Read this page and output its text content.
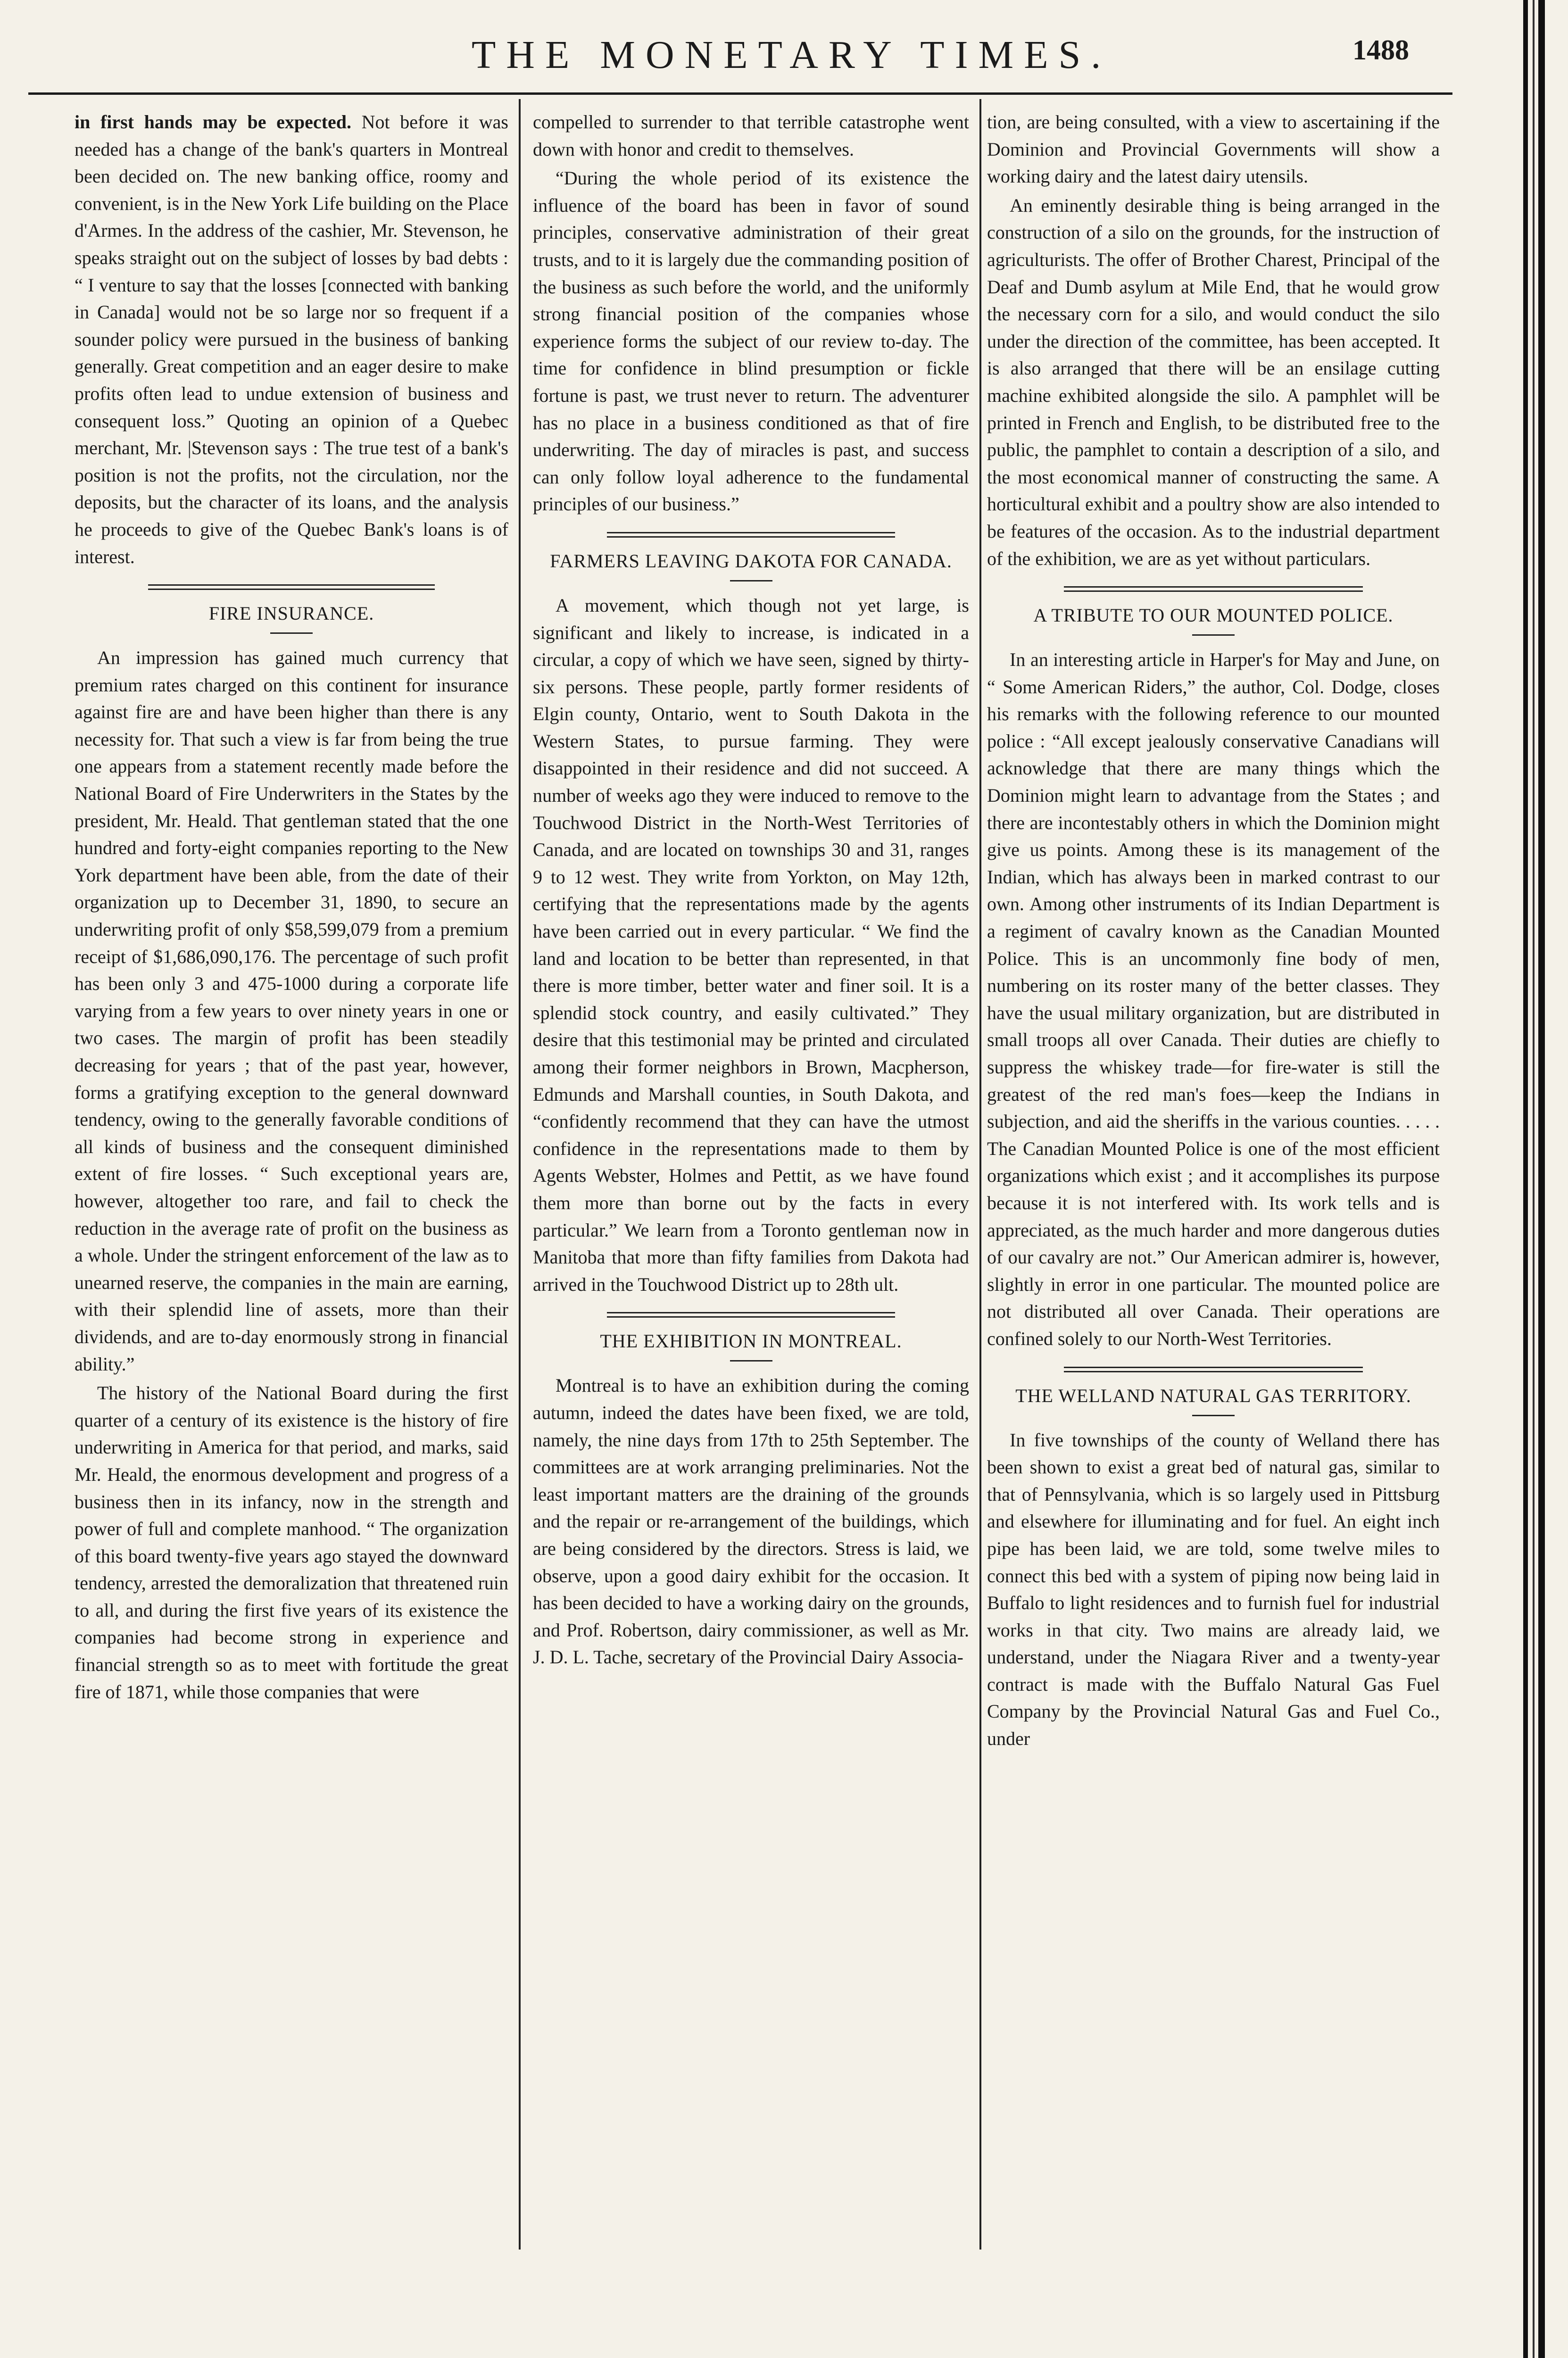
THE MONETARY TIMES.	1488

in first hands may be expected. Not before it was needed has a change of the bank's quarters in Montreal been decided on. The new banking office, roomy and convenient, is in the New York Life building on the Place d'Armes. In the address of the cashier, Mr. Stevenson, he speaks straight out on the subject of losses by bad debts : “ I venture to say that the losses [connected with banking in Canada] would not be so large nor so frequent if a sounder policy were pursued in the business of banking generally. Great competition and an eager desire to make profits often lead to undue extension of business and consequent loss.” Quoting an opinion of a Quebec merchant, Mr. |Stevenson says : The true test of a bank's position is not the profits, not the circulation, nor the deposits, but the character of its loans, and the analysis he proceeds to give of the Quebec Bank's loans is of interest.

FIRE INSURANCE.

An impression has gained much currency that premium rates charged on this continent for insurance against fire are and have been higher than there is any necessity for. That such a view is far from being the true one appears from a statement recently made before the National Board of Fire Underwriters in the States by the president, Mr. Heald. That gentleman stated that the one hundred and forty-eight companies reporting to the New York department have been able, from the date of their organization up to December 31, 1890, to secure an underwriting profit of only $58,599,079 from a premium receipt of $1,686,090,176. The percentage of such profit has been only 3 and 475-1000 during a corporate life varying from a few years to over ninety years in one or two cases. The margin of profit has been steadily decreasing for years ; that of the past year, however, forms a gratifying exception to the general downward tendency, owing to the generally favorable conditions of all kinds of business and the consequent diminished extent of fire losses. “ Such exceptional years are, however, altogether too rare, and fail to check the reduction in the average rate of profit on the business as a whole. Under the stringent enforcement of the law as to unearned reserve, the companies in the main are earning, with their splendid line of assets, more than their dividends, and are to-day enormously strong in financial ability.”

The history of the National Board during the first quarter of a century of its existence is the history of fire underwriting in America for that period, and marks, said Mr. Heald, the enormous development and progress of a business then in its infancy, now in the strength and power of full and complete manhood. “ The organization of this board twenty-five years ago stayed the downward tendency, arrested the demoralization that threatened ruin to all, and during the first five years of its existence the companies had become strong in experience and financial strength so as to meet with fortitude the great fire of 1871, while those companies that were

compelled to surrender to that terrible catastrophe went down with honor and credit to themselves.

“During the whole period of its existence the influence of the board has been in favor of sound principles, conservative administration of their great trusts, and to it is largely due the commanding position of the business as such before the world, and the uniformly strong financial position of the companies whose experience forms the subject of our review to-day. The time for confidence in blind presumption or fickle fortune is past, we trust never to return. The adventurer has no place in a business conditioned as that of fire underwriting. The day of miracles is past, and success can only follow loyal adherence to the fundamental principles of our business.”

FARMERS LEAVING DAKOTA FOR CANADA.

A movement, which though not yet large, is significant and likely to increase, is indicated in a circular, a copy of which we have seen, signed by thirty-six persons. These people, partly former residents of Elgin county, Ontario, went to South Dakota in the Western States, to pursue farming. They were disappointed in their residence and did not succeed. A number of weeks ago they were induced to remove to the Touchwood District in the North-West Territories of Canada, and are located on townships 30 and 31, ranges 9 to 12 west. They write from Yorkton, on May 12th, certifying that the representations made by the agents have been carried out in every particular. “ We find the land and location to be better than represented, in that there is more timber, better water and finer soil. It is a splendid stock country, and easily cultivated.” They desire that this testimonial may be printed and circulated among their former neighbors in Brown, Macpherson, Edmunds and Marshall counties, in South Dakota, and “confidently recommend that they can have the utmost confidence in the representations made to them by Agents Webster, Holmes and Pettit, as we have found them more than borne out by the facts in every particular.” We learn from a Toronto gentleman now in Manitoba that more than fifty families from Dakota had arrived in the Touchwood District up to 28th ult.

THE EXHIBITION IN MONTREAL.

Montreal is to have an exhibition during the coming autumn, indeed the dates have been fixed, we are told, namely, the nine days from 17th to 25th September. The committees are at work arranging preliminaries. Not the least important matters are the draining of the grounds and the repair or re-arrangement of the buildings, which are being considered by the directors. Stress is laid, we observe, upon a good dairy exhibit for the occasion. It has been decided to have a working dairy on the grounds, and Prof. Robertson, dairy commissioner, as well as Mr. J. D. L. Tache, secretary of the Provincial Dairy Associa-

tion, are being consulted, with a view to ascertaining if the Dominion and Provincial Governments will show a working dairy and the latest dairy utensils.

An eminently desirable thing is being arranged in the construction of a silo on the grounds, for the instruction of agriculturists. The offer of Brother Charest, Principal of the Deaf and Dumb asylum at Mile End, that he would grow the necessary corn for a silo, and would conduct the silo under the direction of the committee, has been accepted. It is also arranged that there will be an ensilage cutting machine exhibited alongside the silo. A pamphlet will be printed in French and English, to be distributed free to the public, the pamphlet to contain a description of a silo, and the most economical manner of constructing the same. A horticultural exhibit and a poultry show are also intended to be features of the occasion. As to the industrial department of the exhibition, we are as yet without particulars.

A TRIBUTE TO OUR MOUNTED POLICE.

In an interesting article in Harper's for May and June, on “ Some American Riders,” the author, Col. Dodge, closes his remarks with the following reference to our mounted police : “All except jealously conservative Canadians will acknowledge that there are many things which the Dominion might learn to advantage from the States ; and there are incontestably others in which the Dominion might give us points. Among these is its management of the Indian, which has always been in marked contrast to our own. Among other instruments of its Indian Department is a regiment of cavalry known as the Canadian Mounted Police. This is an uncommonly fine body of men, numbering on its roster many of the better classes. They have the usual military organization, but are distributed in small troops all over Canada. Their duties are chiefly to suppress the whiskey trade—for fire-water is still the greatest of the red man's foes—keep the Indians in subjection, and aid the sheriffs in the various counties. . . . . The Canadian Mounted Police is one of the most efficient organizations which exist ; and it accomplishes its purpose because it is not interfered with. Its work tells and is appreciated, as the much harder and more dangerous duties of our cavalry are not.” Our American admirer is, however, slightly in error in one particular. The mounted police are not distributed all over Canada. Their operations are confined solely to our North-West Territories.

THE WELLAND NATURAL GAS TERRITORY.

In five townships of the county of Welland there has been shown to exist a great bed of natural gas, similar to that of Pennsylvania, which is so largely used in Pittsburg and elsewhere for illuminating and for fuel. An eight inch pipe has been laid, we are told, some twelve miles to connect this bed with a system of piping now being laid in Buffalo to light residences and to furnish fuel for industrial works in that city. Two mains are already laid, we understand, under the Niagara River and a twenty-year contract is made with the Buffalo Natural Gas Fuel Company by the Provincial Natural Gas and Fuel Co., under
